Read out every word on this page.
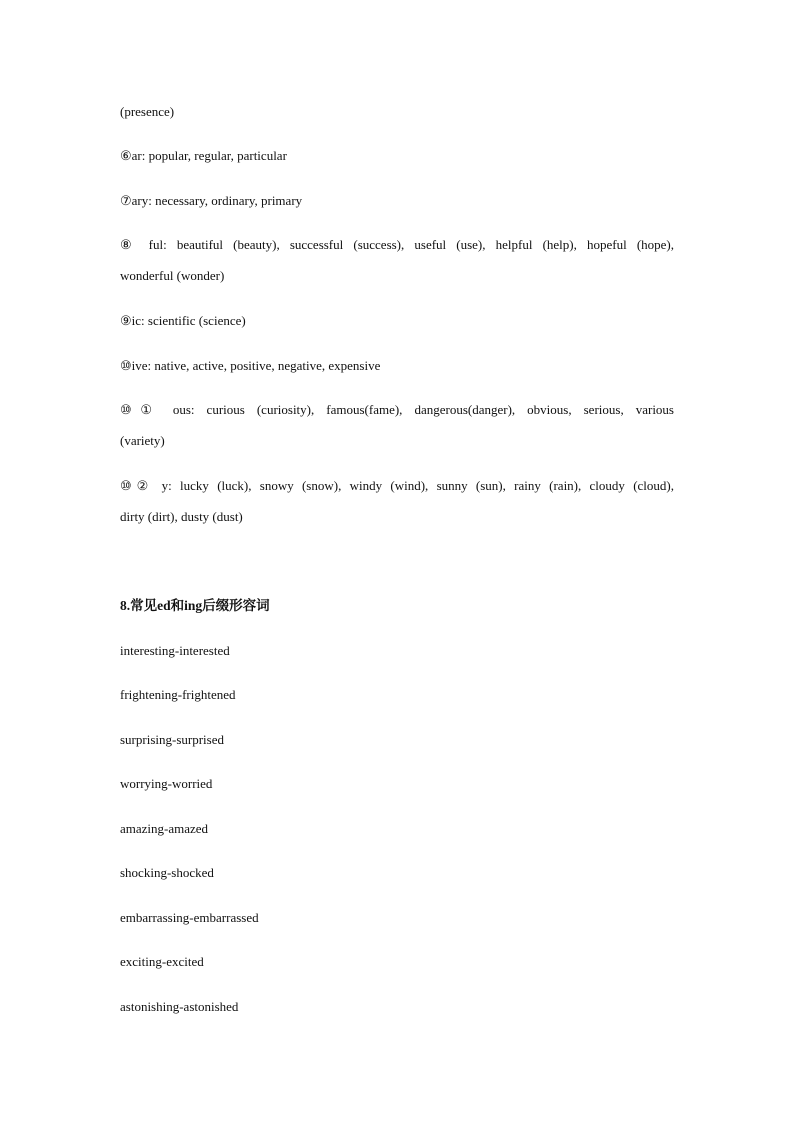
(presence)
⑥ar: popular, regular, particular
⑦ary: necessary, ordinary, primary
⑧ ful: beautiful (beauty), successful (success), useful (use), helpful (help), hopeful (hope),
wonderful (wonder)
⑨ic: scientific (science)
⑩ive: native, active, positive, negative, expensive
⑩① ous: curious (curiosity), famous(fame), dangerous(danger), obvious, serious, various
(variety)
⑩② y: lucky (luck), snowy (snow), windy (wind), sunny (sun), rainy (rain), cloudy (cloud),
dirty (dirt), dusty (dust)
8.常见ed和ing后缀形容词
interesting-interested
frightening-frightened
surprising-surprised
worrying-worried
amazing-amazed
shocking-shocked
embarrassing-embarrassed
exciting-excited
astonishing-astonished
